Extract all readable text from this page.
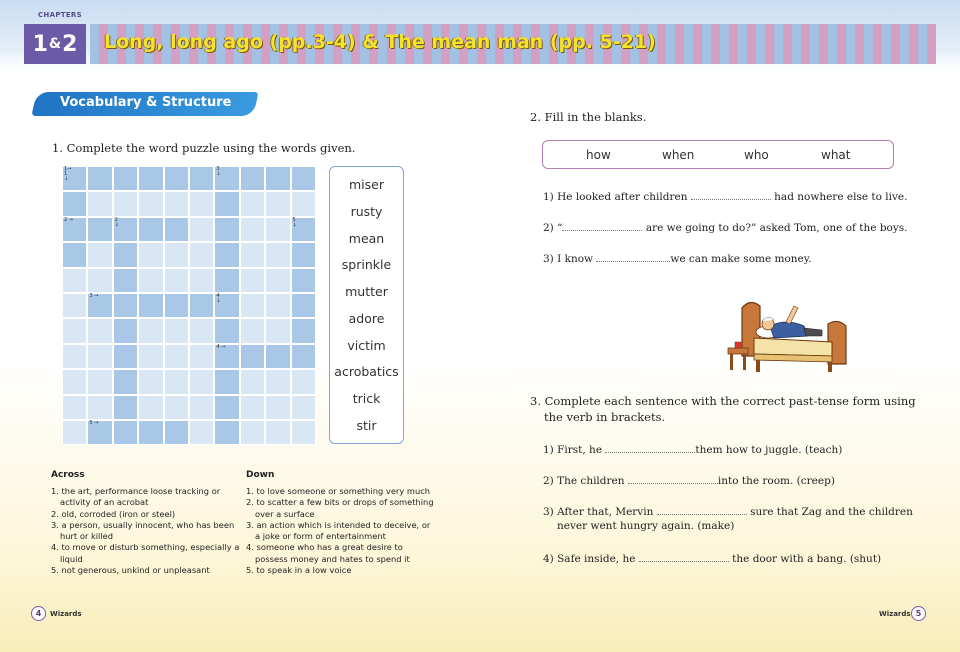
CHAPTERS
1 & 2 Long, long ago (pp.3-4) & The mean man (pp. 5-21)
Vocabulary & Structure
1. Complete the word puzzle using the words given.
1→
1
↓
3
↓
2 →	2
↓
5
↓
3 →	4
↓
4 →
5 →
miser
rusty
mean
sprinkle
mutter
adore
victim
acrobatics
trick
stir
Across
1. the art, performance loose tracking or

activity of an acrobat
2. old, corroded (iron or steel)
3. a person, usually innocent, who has been

hurt or killed
4. to move or disturb something, especially a

liquid
5. not generous, unkind or unpleasant
Down
1. to love someone or something very much
2. to scatter a few bits or drops of something

over a surface
3. an action which is intended to deceive, or

a joke or form of entertainment
4. someone who has a great desire to

possess money and hates to spend it
5. to speak in a low voice
2. Fill in the blanks.
how	when	who	what
1) He looked after children	had nowhere else to live.
2) “	are we going to do?” asked Tom, one of the boys.
3) I know	we can make some money.
3. Complete each sentence with the correct past-tense form using
the verb in brackets.
1) First, he	them how to juggle. (teach)
2) The children	into the room. (creep)
3) After that, Mervin	sure that Zag and the children
never went hungry again. (make)
4) Safe inside, he	the door with a bang. (shut)
4	Wizards	Wizards 5
